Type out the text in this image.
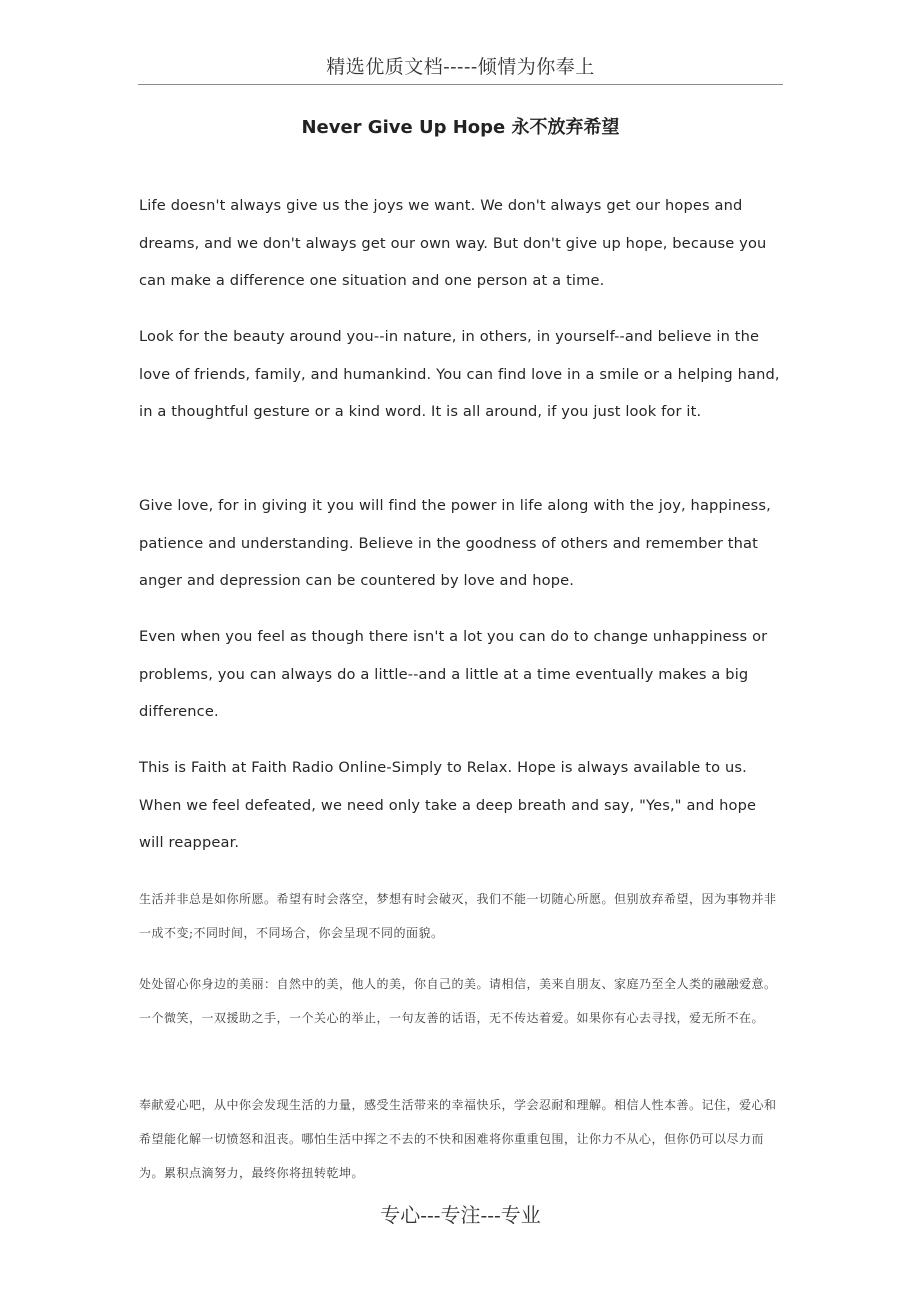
精选优质文档-----倾情为你奉上
Never Give Up Hope 永不放弃希望

Life doesn't always give us the joys we want. We don't always get our hopes and dreams, and we don't always get our own way. But don't give up hope, because you can make a difference one situation and one person at a time.

Look for the beauty around you--in nature, in others, in yourself--and believe in the love of friends, family, and humankind. You can find love in a smile or a helping hand, in a thoughtful gesture or a kind word. It is all around, if you just look for it.

Give love, for in giving it you will find the power in life along with the joy, happiness, patience and understanding. Believe in the goodness of others and remember that anger and depression can be countered by love and hope.

Even when you feel as though there isn't a lot you can do to change unhappiness or problems, you can always do a little--and a little at a time eventually makes a big difference.

This is Faith at Faith Radio Online-Simply to Relax. Hope is always available to us. When we feel defeated, we need only take a deep breath and say, "Yes," and hope will reappear.

生活并非总是如你所愿。希望有时会落空，梦想有时会破灭，我们不能一切随心所愿。但别放弃希望，因为事物并非一成不变;不同时间，不同场合，你会呈现不同的面貌。

处处留心你身边的美丽：自然中的美，他人的美，你自己的美。请相信，美来自朋友、家庭乃至全人类的融融爱意。一个微笑，一双援助之手，一个关心的举止，一句友善的话语，无不传达着爱。如果你有心去寻找，爱无所不在。

奉献爱心吧，从中你会发现生活的力量，感受生活带来的幸福快乐，学会忍耐和理解。相信人性本善。记住，爱心和希望能化解一切愤怒和沮丧。哪怕生活中挥之不去的不快和困难将你重重包围，让你力不从心，但你仍可以尽力而为。累积点滴努力，最终你将扭转乾坤。

专心---专注---专业
